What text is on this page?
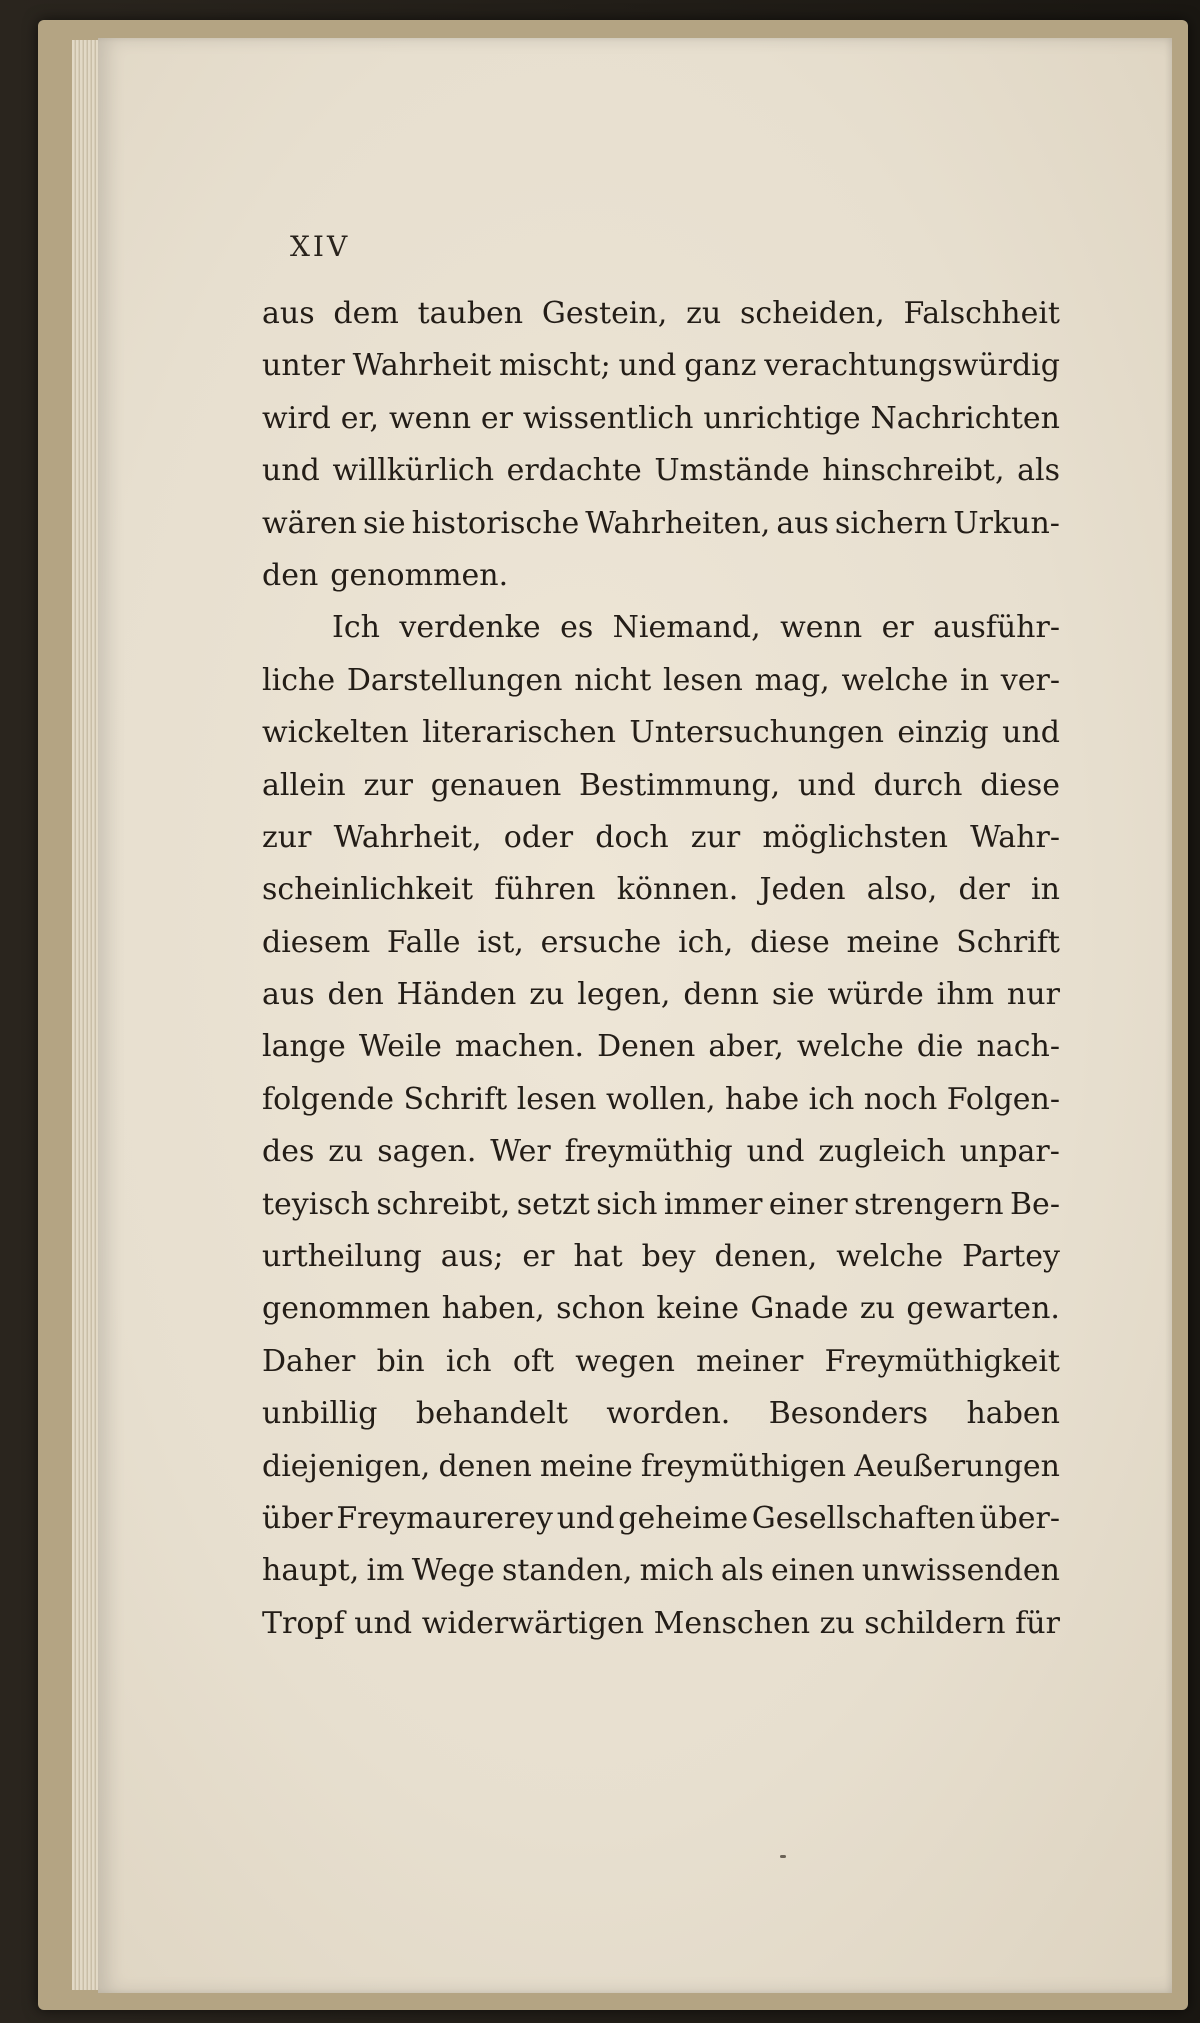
XIV
aus dem tauben Gestein, zu scheiden, Falschheit
unter Wahrheit mischt; und ganz verachtungswürdig
wird er, wenn er wissentlich unrichtige Nachrichten
und willkürlich erdachte Umstände hinschreibt, als
wären sie historische Wahrheiten, aus sichern Urkun-
den genommen.
Ich verdenke es Niemand, wenn er ausführ-
liche Darstellungen nicht lesen mag, welche in ver-
wickelten literarischen Untersuchungen einzig und
allein zur genauen Bestimmung, und durch diese
zur Wahrheit, oder doch zur möglichsten Wahr-
scheinlichkeit führen können. Jeden also, der in
diesem Falle ist, ersuche ich, diese meine Schrift
aus den Händen zu legen, denn sie würde ihm nur
lange Weile machen. Denen aber, welche die nach-
folgende Schrift lesen wollen, habe ich noch Folgen-
des zu sagen. Wer freymüthig und zugleich unpar-
teyisch schreibt, setzt sich immer einer strengern Be-
urtheilung aus; er hat bey denen, welche Partey
genommen haben, schon keine Gnade zu gewarten.
Daher bin ich oft wegen meiner Freymüthigkeit
unbillig behandelt worden. Besonders haben
diejenigen, denen meine freymüthigen Aeußerungen
über Freymaurerey und geheime Gesellschaften über-
haupt, im Wege standen, mich als einen unwissenden
Tropf und widerwärtigen Menschen zu schildern für
